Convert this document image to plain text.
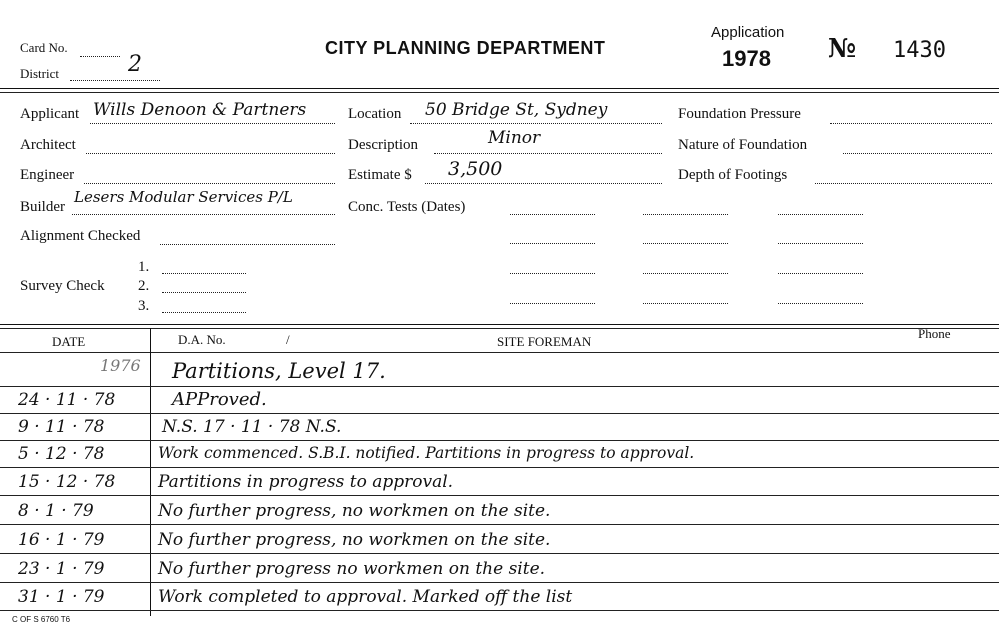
Card No.
District	2
CITY PLANNING DEPARTMENT
Application
1978 № 1430
Applicant Wills Denoon & Partners
Architect
Engineer
Builder
Lesers Modular Services P/L
Alignment Checked
Survey Check
1.
2.
3.
Location 50 Bridge St, Sydney
Description	Minor
Estimate $ 3,500
Conc. Tests (Dates)
Foundation Pressure
Nature of Foundation
Depth of Footings
DATE	D.A. No.	/	SITE FOREMAN
Phone
1976 Partitions, Level 17.
24 · 11 · 78	APProved.
9 · 11 · 78	N.S. 17 · 11 · 78 N.S.
5 · 12 · 78	Work commenced. S.B.I. notified. Partitions in progress to approval.
15 · 12 · 78	Partitions in progress to approval.
8 · 1 · 79	No further progress, no workmen on the site.
16 · 1 · 79	No further progress, no workmen on the site.
23 · 1 · 79	No further progress no workmen on the site.
31 · 1 · 79	Work completed to approval. Marked off the list
C OF S 6760 T6
